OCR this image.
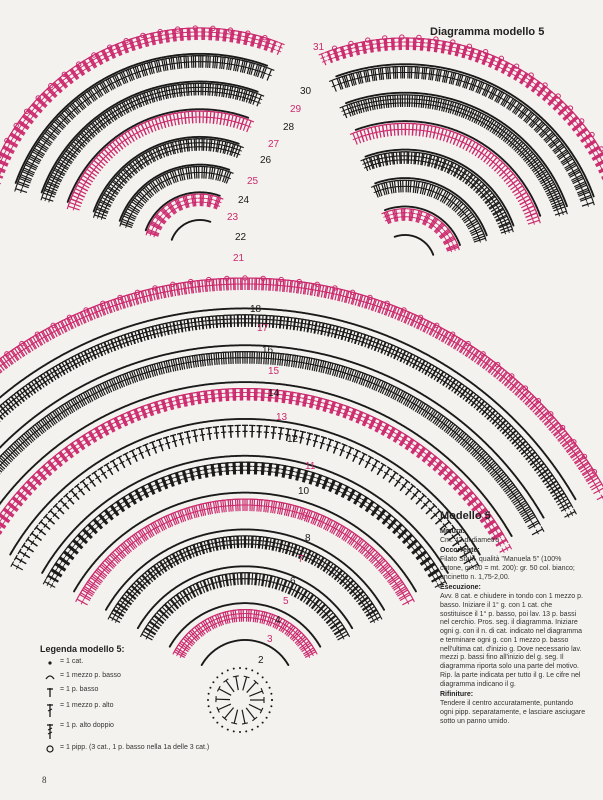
Diagramma modello 5
2
3
4
5
6
7
8
9
10
11
12
13
14
15
16
17
18
21
22
23
24
25
26
27
28
29
30
31
Legenda modello 5:
= 1 cat.
= 1 mezzo p. basso
= 1 p. basso
= 1 mezzo p. alto
= 1 p. alto doppio
= 1 pipp. (3 cat., 1 p. basso nella 1a delle 3 cat.)
Modello 5
Misura:

Cm. 42 di diametro

Occorrente:

Filato Stahl, qualità "Manuela 5" (100% cotone, gr. 50 = mt. 200): gr. 50 col. bianco; uncinetto n. 1,75-2,00.

Esecuzione:

Avv. 8 cat. e chiudere in tondo con 1 mezzo p. basso. Iniziare il 1° g. con 1 cat. che sostituisce il 1° p. basso, poi lav. 13 p. bassi nel cerchio. Pros. seg. il diagramma. Iniziare ogni g. con il n. di cat. indicato nel diagramma e terminare ogni g. con 1 mezzo p. basso nell'ultima cat. d'inizio g. Dove necessario lav. mezzi p. bassi fino all'inizio del g. seg. Il diagramma riporta solo una parte del motivo. Rip. la parte indicata per tutto il g. Le cifre nel diagramma indicano il g.

Rifiniture:

Tendere il centro accuratamente, puntando ogni pipp. separatamente, e lasciare asciugare sotto un panno umido.

8
